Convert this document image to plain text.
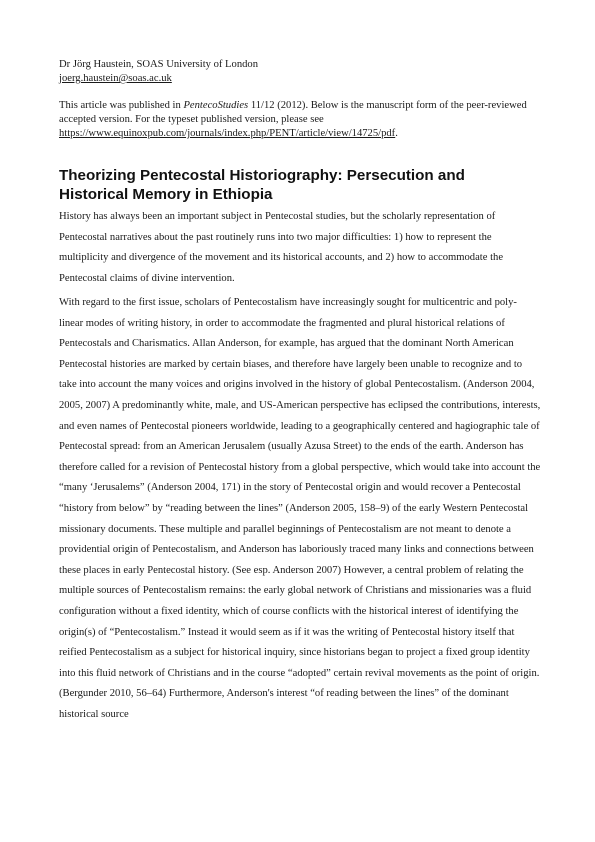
Dr Jörg Haustein, SOAS University of London
joerg.haustein@soas.ac.uk
This article was published in PentecoStudies 11/12 (2012). Below is the manuscript form of the peer-reviewed accepted version. For the typeset published version, please see https://www.equinoxpub.com/journals/index.php/PENT/article/view/14725/pdf.
Theorizing Pentecostal Historiography: Persecution and Historical Memory in Ethiopia

History has always been an important subject in Pentecostal studies, but the scholarly representation of Pentecostal narratives about the past routinely runs into two major difficulties: 1) how to represent the multiplicity and divergence of the movement and its historical accounts, and 2) how to accommodate the Pentecostal claims of divine intervention.

With regard to the first issue, scholars of Pentecostalism have increasingly sought for multicentric and poly-linear modes of writing history, in order to accommodate the fragmented and plural historical relations of Pentecostals and Charismatics. Allan Anderson, for example, has argued that the dominant North American Pentecostal histories are marked by certain biases, and therefore have largely been unable to recognize and to take into account the many voices and origins involved in the history of global Pentecostalism. (Anderson 2004, 2005, 2007) A predominantly white, male, and US-American perspective has eclipsed the contributions, interests, and even names of Pentecostal pioneers worldwide, leading to a geographically centered and hagiographic tale of Pentecostal spread: from an American Jerusalem (usually Azusa Street) to the ends of the earth. Anderson has therefore called for a revision of Pentecostal history from a global perspective, which would take into account the “many ‘Jerusalems” (Anderson 2004, 171) in the story of Pentecostal origin and would recover a Pentecostal “history from below” by “reading between the lines” (Anderson 2005, 158–9) of the early Western Pentecostal missionary documents. These multiple and parallel beginnings of Pentecostalism are not meant to denote a providential origin of Pentecostalism, and Anderson has laboriously traced many links and connections between these places in early Pentecostal history. (See esp. Anderson 2007) However, a central problem of relating the multiple sources of Pentecostalism remains: the early global network of Christians and missionaries was a fluid configuration without a fixed identity, which of course conflicts with the historical interest of identifying the origin(s) of “Pentecostalism.” Instead it would seem as if it was the writing of Pentecostal history itself that reified Pentecostalism as a subject for historical inquiry, since historians began to project a fixed group identity into this fluid network of Christians and in the course “adopted” certain revival movements as the point of origin. (Bergunder 2010, 56–64) Furthermore, Anderson's interest “of reading between the lines” of the dominant historical source
